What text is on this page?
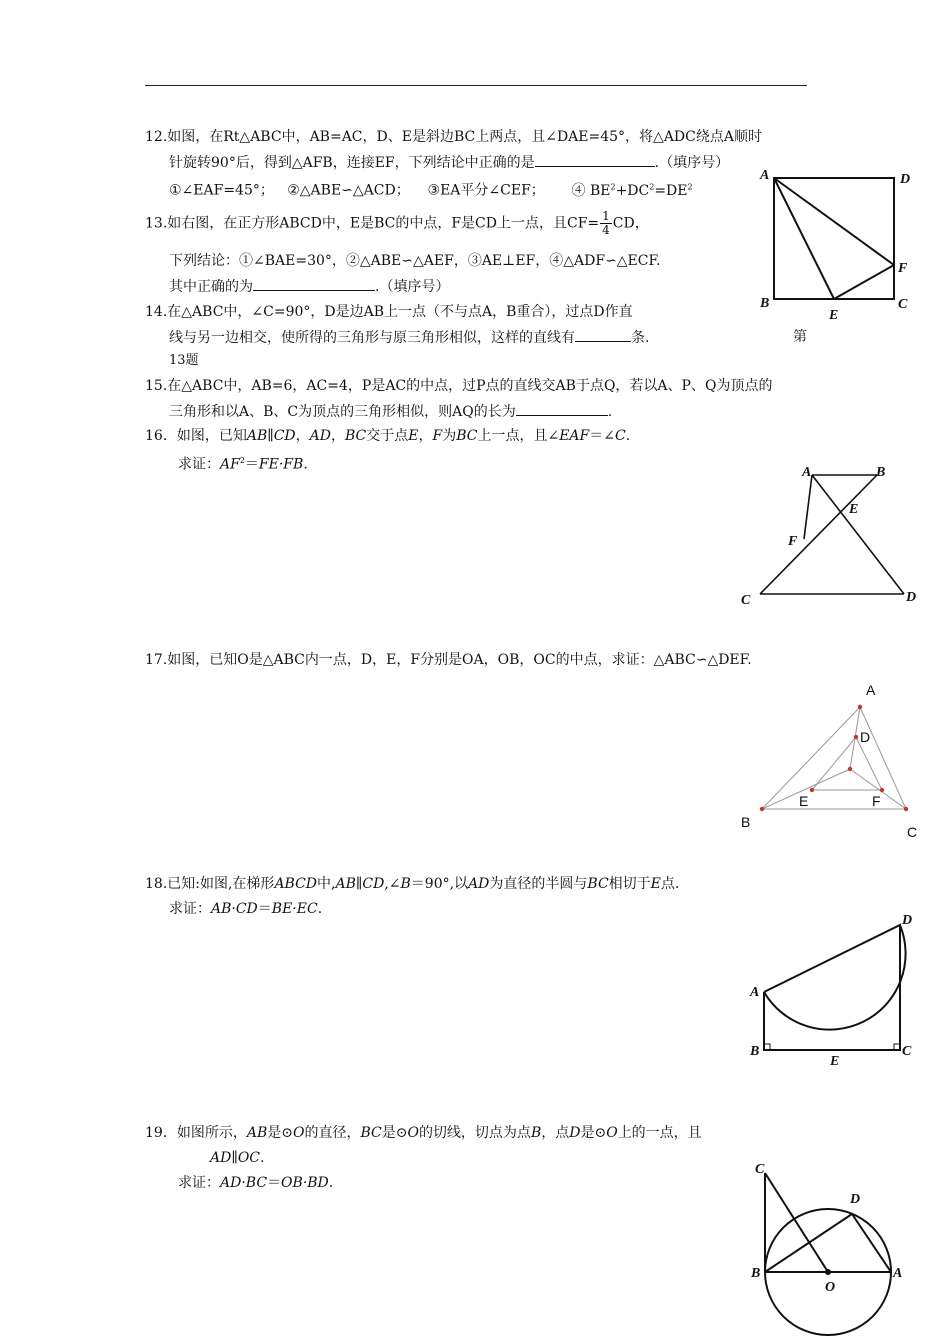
12.如图，在Rt△ABC中，AB=AC，D、E是斜边BC上两点，且∠DAE=45°，将△ADC绕点A顺时
针旋转90°后，得到△AFB，连接EF，下列结论中正确的是	.（填序号）
①∠EAF=45°； ②△ABE∽△ACD； ③EA平分∠CEF； ④ $BE^2+DC^2=DE^2$
13.如右图，在正方形ABCD中，E是BC的中点，F是CD上一点，且$CF= \frac{1}{4}$ CD，
下列结论：①∠BAE=30°，②△ABE∽△AEF，③AE⊥EF，④△ADF∽△ECF.
其中正确的为	.（填序号）
A	D
B	C
E
F
14.在△ABC中，∠C=90°，D是边AB上一点（不与点A，B重合），过点D作直
线与另一边相交，使所得的三角形与原三角形相似，这样的直线有	条.	第
13题
15.在△ABC中，AB=6，AC=4，P是AC的中点，过P点的直线交AB于点Q，若以A、P、Q为顶点的
三角形和以A、B、C为顶点的三角形相似，则AQ的长为	.
16．如图，已知AB∥CD，AD，BC交于点E，F为BC上一点，且∠EAF＝∠C.
求证：$AF^2=FE\cdot FB$.	A	B
E
F
C	D
17.如图，已知O是△ABC内一点，D，E，F分别是OA，OB，OC的中点，求证：△ABC∽△DEF.
A
D
E	F
B
C
18.已知:如图,在梯形ABCD中,AB∥CD,∠B＝90°,以AD为直径的半圆与BC相切于E点.
求证：AB·CD＝BE·EC.
A
B	C
D
E
19．如图所示，AB是⊙O的直径，BC是⊙O的切线，切点为点B，点D是⊙O上的一点，且
AD∥OC.
求证：AD·BC＝OB·BD.
C
D
B	A
O
